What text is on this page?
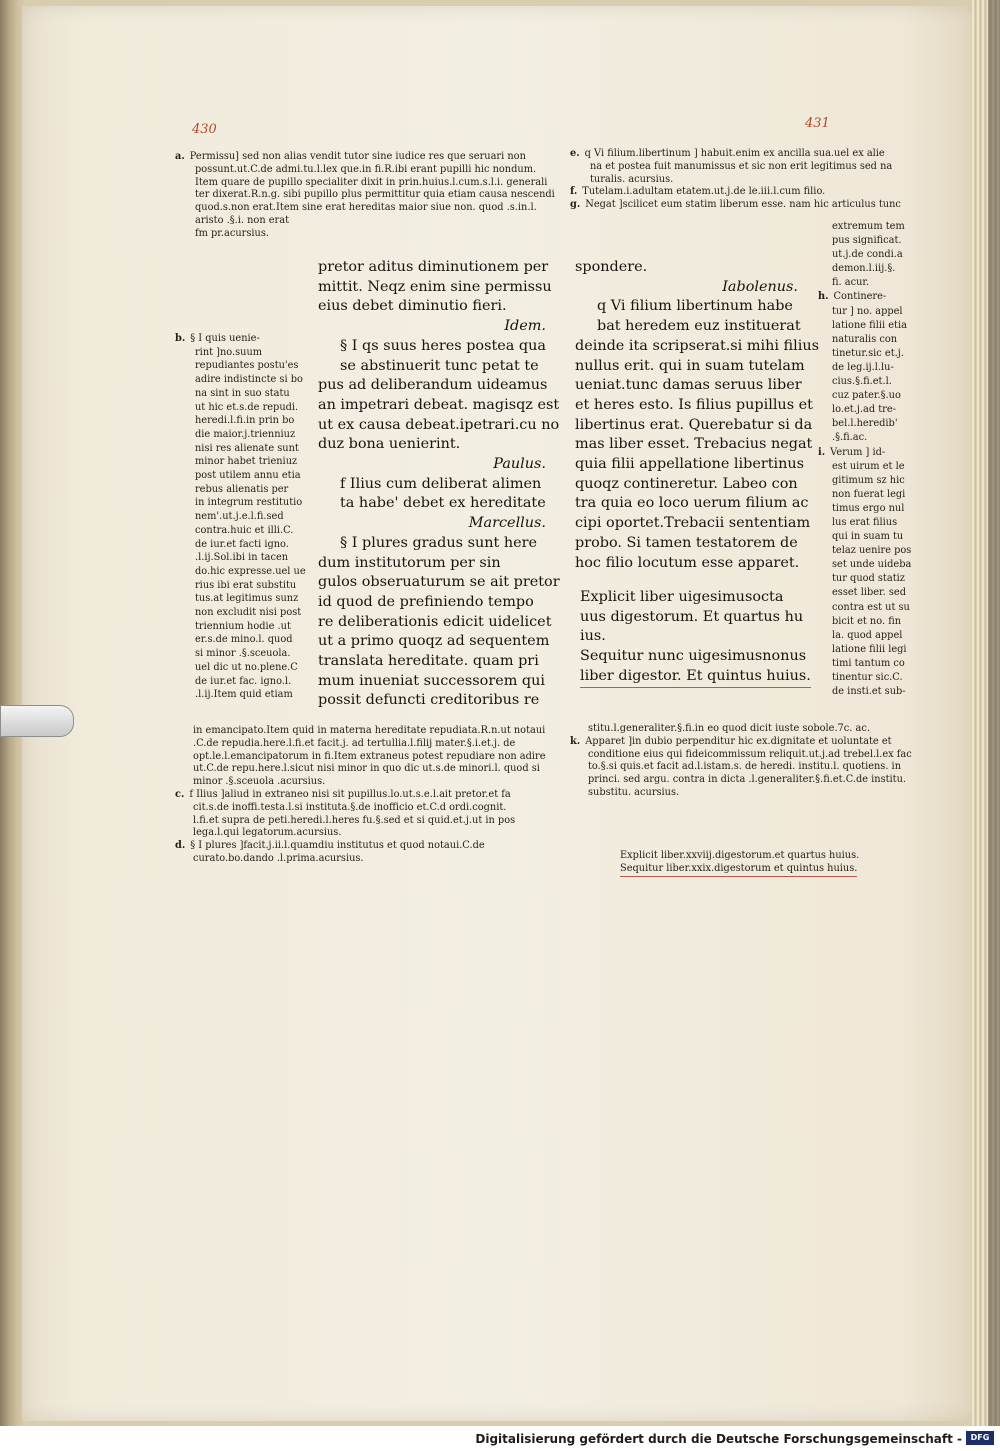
430	431

a. Permissu] sed non alias vendit tutor sine iudice res que seruari non

possunt.ut.C.de admi.tu.l.lex que.in fi.R.ibi erant pupilli hic nondum.

Item quare de pupillo specialiter dixit in prin.huius.l.cum.s.l.i. generali

ter dixerat.R.n.g. sibi pupillo plus permittitur quia etiam causa nescendi

quod.s.non erat.Item sine erat hereditas maior siue non. quod .s.in.l.

aristo .§.i. non erat

fm pr.acursius.

e. q Vi filium.libertinum ] habuit.enim ex ancilla sua.uel ex alie

na et postea fuit manumissus et sic non erit legitimus sed na

turalis. acursius.

f. Tutelam.i.adultam etatem.ut.j.de le.iii.l.cum filio.

g. Negat ]scilicet eum statim liberum esse. nam hic articulus tunc

b. § I quis uenie-

rint ]no.suum

repudiantes postu'es

adire indistincte si bo

na sint in suo statu

ut hic et.s.de repudi.

heredi.l.fi.in prin bo

die maior.j.trienniuz

nisi res alienate sunt

minor habet trieniuz

post utilem annu etia

rebus alienatis per

in integrum restitutio

nem'.ut.j.e.l.fi.sed

contra.huic et illi.C.

de iur.et facti igno.

.l.ij.Sol.ibi in tacen

do.hic expresse.uel ue

rius ibi erat substitu

tus.at legitimus sunz

non excludit nisi post

triennium hodie .ut

er.s.de mino.l. quod

si minor .§.sceuola.

uel dic ut no.plene.C

de iur.et fac. igno.l.

.l.ij.Item quid etiam

extremum tem

pus significat.

ut.j.de condi.a

demon.l.iij.§.

fi. acur.

h. Continere-

tur ] no. appel

latione filii etia

naturalis con

tinetur.sic et.j.

de leg.ij.l.lu-

cius.§.fi.et.l.

cuz pater.§.uo

lo.et.j.ad tre-

bel.l.heredib'

.§.fi.ac.

i. Verum ] id-

est uirum et le

gitimum sz hic

non fuerat legi

timus ergo nul

lus erat filius

qui in suam tu

telaz uenire pos

set unde uideba

tur quod statiz

esset liber. sed

contra est ut su

bicit et no. fin

la. quod appel

latione filii legi

timi tantum co

tinentur sic.C.

de insti.et sub-

pretor aditus diminutionem per

mittit. Neqz enim sine permissu

eius debet diminutio fieri.

Idem.

§ I qs suus heres postea qua

se abstinuerit tunc petat te

pus ad deliberandum uideamus

an impetrari debeat. magisqz est

ut ex causa debeat.ipetrari.cu no

duz bona uenierint.

Paulus.

f Ilius cum deliberat alimen

ta habe' debet ex hereditate

Marcellus.

§ I plures gradus sunt here

dum institutorum per sin

gulos obseruaturum se ait pretor

id quod de prefiniendo tempo

re deliberationis edicit uidelicet

ut a primo quoqz ad sequentem

translata hereditate. quam pri

mum inueniat successorem qui

possit defuncti creditoribus re

spondere.

Iabolenus.

q Vi filium libertinum habe

bat heredem euz instituerat

deinde ita scripserat.si mihi filius

nullus erit. qui in suam tutelam

ueniat.tunc damas seruus liber

et heres esto. Is filius pupillus et

libertinus erat. Querebatur si da

mas liber esset. Trebacius negat

quia filii appellatione libertinus

quoqz contineretur. Labeo con

tra quia eo loco uerum filium ac

cipi oportet.Trebacii sententiam

probo. Si tamen testatorem de

hoc filio locutum esse apparet.

Explicit liber uigesimusocta

uus digestorum. Et quartus hu

ius.

Sequitur nunc uigesimusnonus

liber digestor. Et quintus huius.

in emancipato.Item quid in materna hereditate repudiata.R.n.ut notaui

.C.de repudia.here.l.fi.et facit.j. ad tertullia.l.filij mater.§.i.et.j. de

opt.le.l.emancipatorum in fi.Item extraneus potest repudiare non adire

ut.C.de repu.here.l.sicut nisi minor in quo dic ut.s.de minori.l. quod si

minor .§.sceuola .acursius.

c. f Ilius ]aliud in extraneo nisi sit pupillus.lo.ut.s.e.l.ait pretor.et fa

cit.s.de inoffi.testa.l.si instituta.§.de inofficio et.C.d ordi.cognit.

l.fi.et supra de peti.heredi.l.heres fu.§.sed et si quid.et.j.ut in pos

lega.l.qui legatorum.acursius.

d. § I plures ]facit.j.ii.l.quamdiu institutus et quod notaui.C.de

curato.bo.dando .l.prima.acursius.

stitu.l.generaliter.§.fi.in eo quod dicit iuste sobole.7c. ac.

k. Apparet ]in dubio perpenditur hic ex.dignitate et uoluntate et

conditione eius qui fideicommissum reliquit.ut.j.ad trebel.l.ex fac

to.§.si quis.et facit ad.l.istam.s. de heredi. institu.l. quotiens. in

princi. sed argu. contra in dicta .l.generaliter.§.fi.et.C.de institu.

substitu. acursius.

Explicit liber.xxviij.digestorum.et quartus huius.

Sequitur liber.xxix.digestorum et quintus huius.

Digitalisierung gefördert durch die Deutsche Forschungsgemeinschaft -	DFG
